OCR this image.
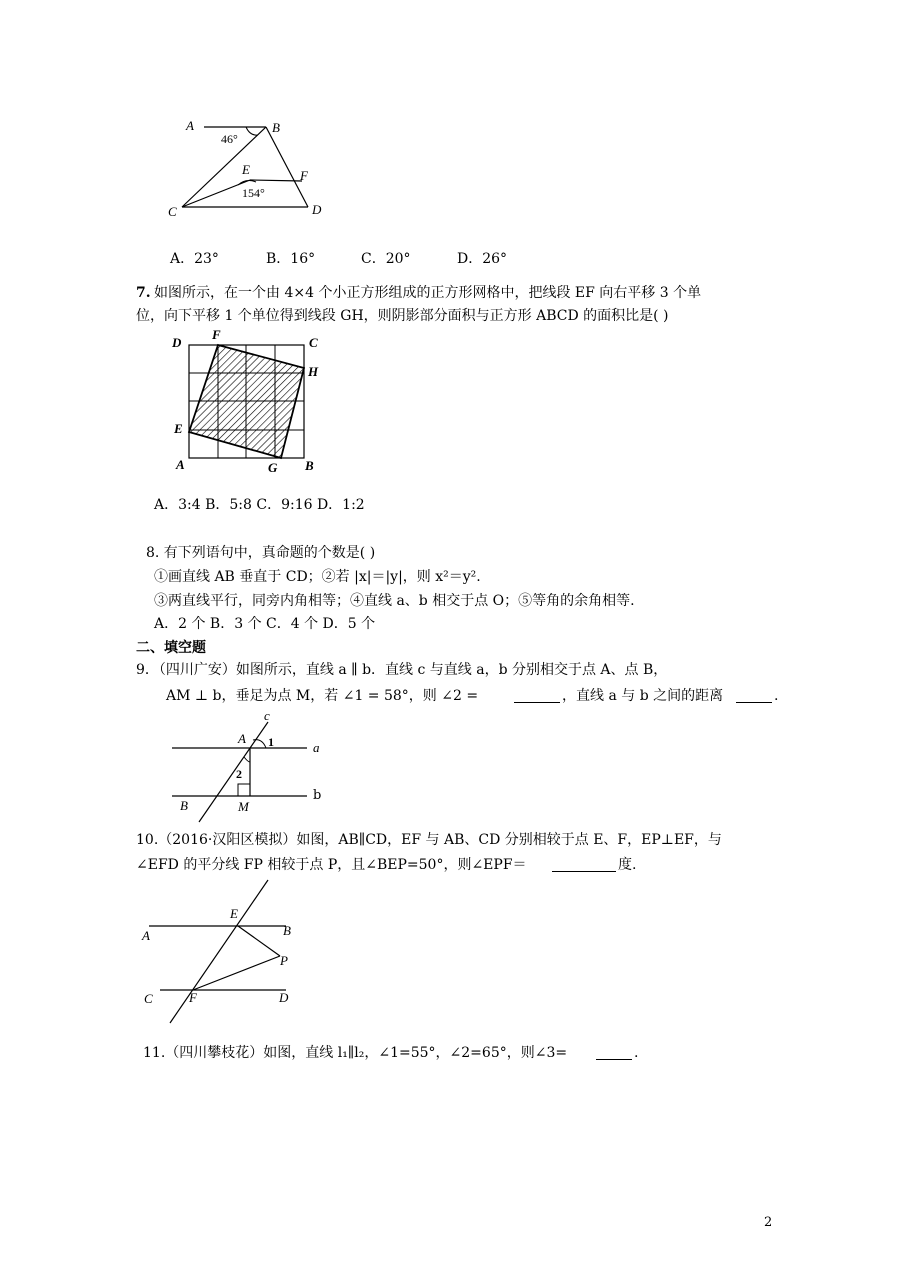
A	B
C	D
E	F
46°
154°
A．23°	B．16°	C．20°	D．26°
7. 如图所示，在一个由 4×4 个小正方形组成的正方形网格中，把线段 EF 向右平移 3 个单
位，向下平移 1 个单位得到线段 GH，则阴影部分面积与正方形 ABCD 的面积比是( )
D
F
C
H
E
A	G B
A．3:4 B．5:8 C．9:16 D．1:2
8. 有下列语句中，真命题的个数是( )
①画直线 AB 垂直于 CD；②若 |x|＝|y|，则 x²＝y².
③两直线平行，同旁内角相等；④直线 a、b 相交于点 O；⑤等角的余角相等.
A．2 个 B．3 个 C．4 个 D．5 个
二、填空题
9．（四川广安）如图所示，直线 a ∥ b．直线 c 与直线 a，b 分别相交于点 A、点 B，
AM ⊥ b，垂足为点 M，若 ∠1 = 58°，则 ∠2 =	，直线 a 与 b 之间的距离	.
c
A 1	a
2
B	M
b
10.（2016·汉阳区模拟）如图，AB∥CD，EF 与 AB、CD 分别相较于点 E、F，EP⊥EF，与
∠EFD 的平分线 FP 相较于点 P，且∠BEP=50°，则∠EPF＝	度.
E
A	B
P
C	F	D
11.（四川攀枝花）如图，直线 l₁∥l₂，∠1=55°，∠2=65°，则∠3=	.
2
